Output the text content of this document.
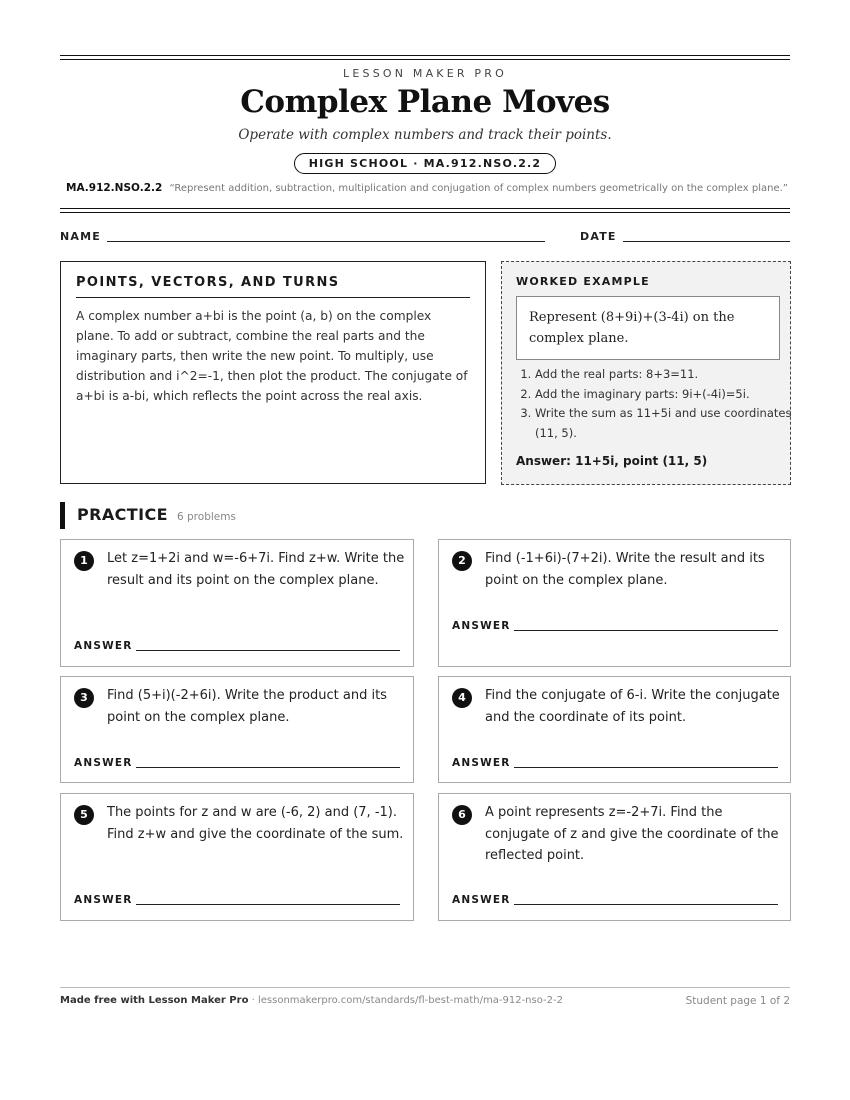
LESSON MAKER PRO
Complex Plane Moves
Operate with complex numbers and track their points.
HIGH SCHOOL · MA.912.NSO.2.2
MA.912.NSO.2.2 “Represent addition, subtraction, multiplication and conjugation of complex numbers geometrically on the complex plane.”
NAME	DATE
POINTS, VECTORS, AND TURNS

A complex number a+bi is the point (a, b) on the complex plane. To add or subtract, combine the real parts and the imaginary parts, then write the new point. To multiply, use distribution and i^2=-1, then plot the product. The conjugate of a+bi is a-bi, which reflects the point across the real axis.

WORKED EXAMPLE
Represent (8+9i)+(3-4i) on the complex plane.
1. Add the real parts: 8+3=11.
2. Add the imaginary parts: 9i+(-4i)=5i.
3. Write the sum as 11+5i and use coordinates (11, 5).
Answer: 11+5i, point (11, 5)
PRACTICE 6 problems
1	Let z=1+2i and w=-6+7i. Find z+w. Write the result and its point on the complex plane.

ANSWER
2	Find (-1+6i)-(7+2i). Write the result and its point on the complex plane.

ANSWER
3	Find (5+i)(-2+6i). Write the product and its point on the complex plane.

ANSWER
4	Find the conjugate of 6-i. Write the conjugate and the coordinate of its point.

ANSWER
5	The points for z and w are (-6, 2) and (7, -1). Find z+w and give the coordinate of the sum.

ANSWER
6	A point represents z=-2+7i. Find the conjugate of z and give the coordinate of the reflected point.

ANSWER
Made free with Lesson Maker Pro · lessonmakerpro.com/standards/fl-best-math/ma-912-nso-2-2	Student page 1 of 2
